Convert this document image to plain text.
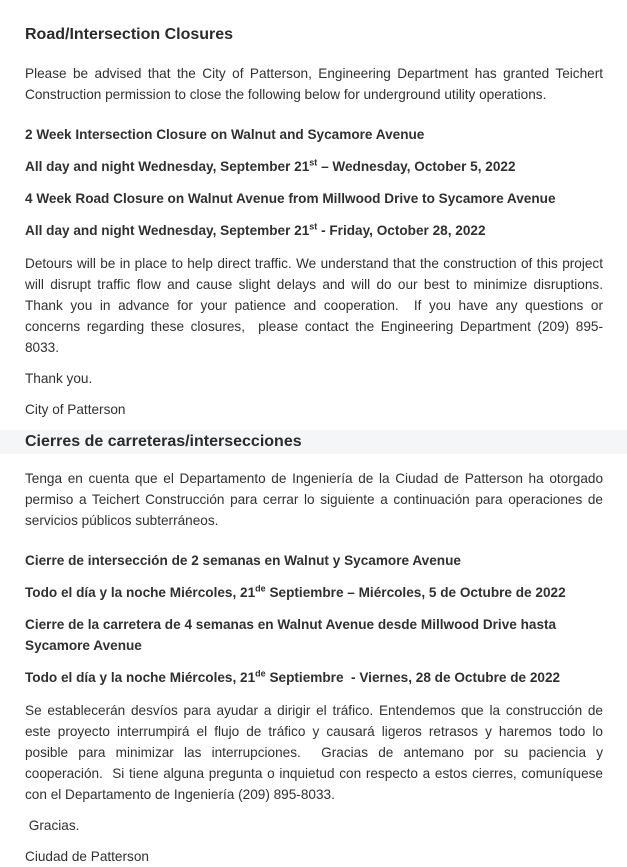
Road/Intersection Closures

Please be advised that the City of Patterson, Engineering Department has granted Teichert Construction permission to close the following below for underground utility operations.

2 Week Intersection Closure on Walnut and Sycamore Avenue

All day and night Wednesday, September 21st – Wednesday, October 5, 2022

4 Week Road Closure on Walnut Avenue from Millwood Drive to Sycamore Avenue

All day and night Wednesday, September 21st - Friday, October 28, 2022

Detours will be in place to help direct traffic. We understand that the construction of this project will disrupt traffic flow and cause slight delays and will do our best to minimize disruptions. Thank you in advance for your patience and cooperation.  If you have any questions or concerns regarding these closures,  please contact the Engineering Department (209) 895-8033.

Thank you.

City of Patterson

Cierres de carreteras/intersecciones

Tenga en cuenta que el Departamento de Ingeniería de la Ciudad de Patterson ha otorgado permiso a Teichert Construcción para cerrar lo siguiente a continuación para operaciones de servicios públicos subterráneos.

Cierre de intersección de 2 semanas en Walnut y Sycamore Avenue

Todo el día y la noche Miércoles, 21de Septiembre – Miércoles, 5 de Octubre de 2022

Cierre de la carretera de 4 semanas en Walnut Avenue desde Millwood Drive hasta Sycamore Avenue

Todo el día y la noche Miércoles, 21de Septiembre  - Viernes, 28 de Octubre de 2022

Se establecerán desvíos para ayudar a dirigir el tráfico. Entendemos que la construcción de este proyecto interrumpirá el flujo de tráfico y causará ligeros retrasos y haremos todo lo posible para minimizar las interrupciones.  Gracias de antemano por su paciencia y cooperación.  Si tiene alguna pregunta o inquietud con respecto a estos cierres, comuníquese con el Departamento de Ingeniería (209) 895-8033.

Gracias.

Ciudad de Patterson
